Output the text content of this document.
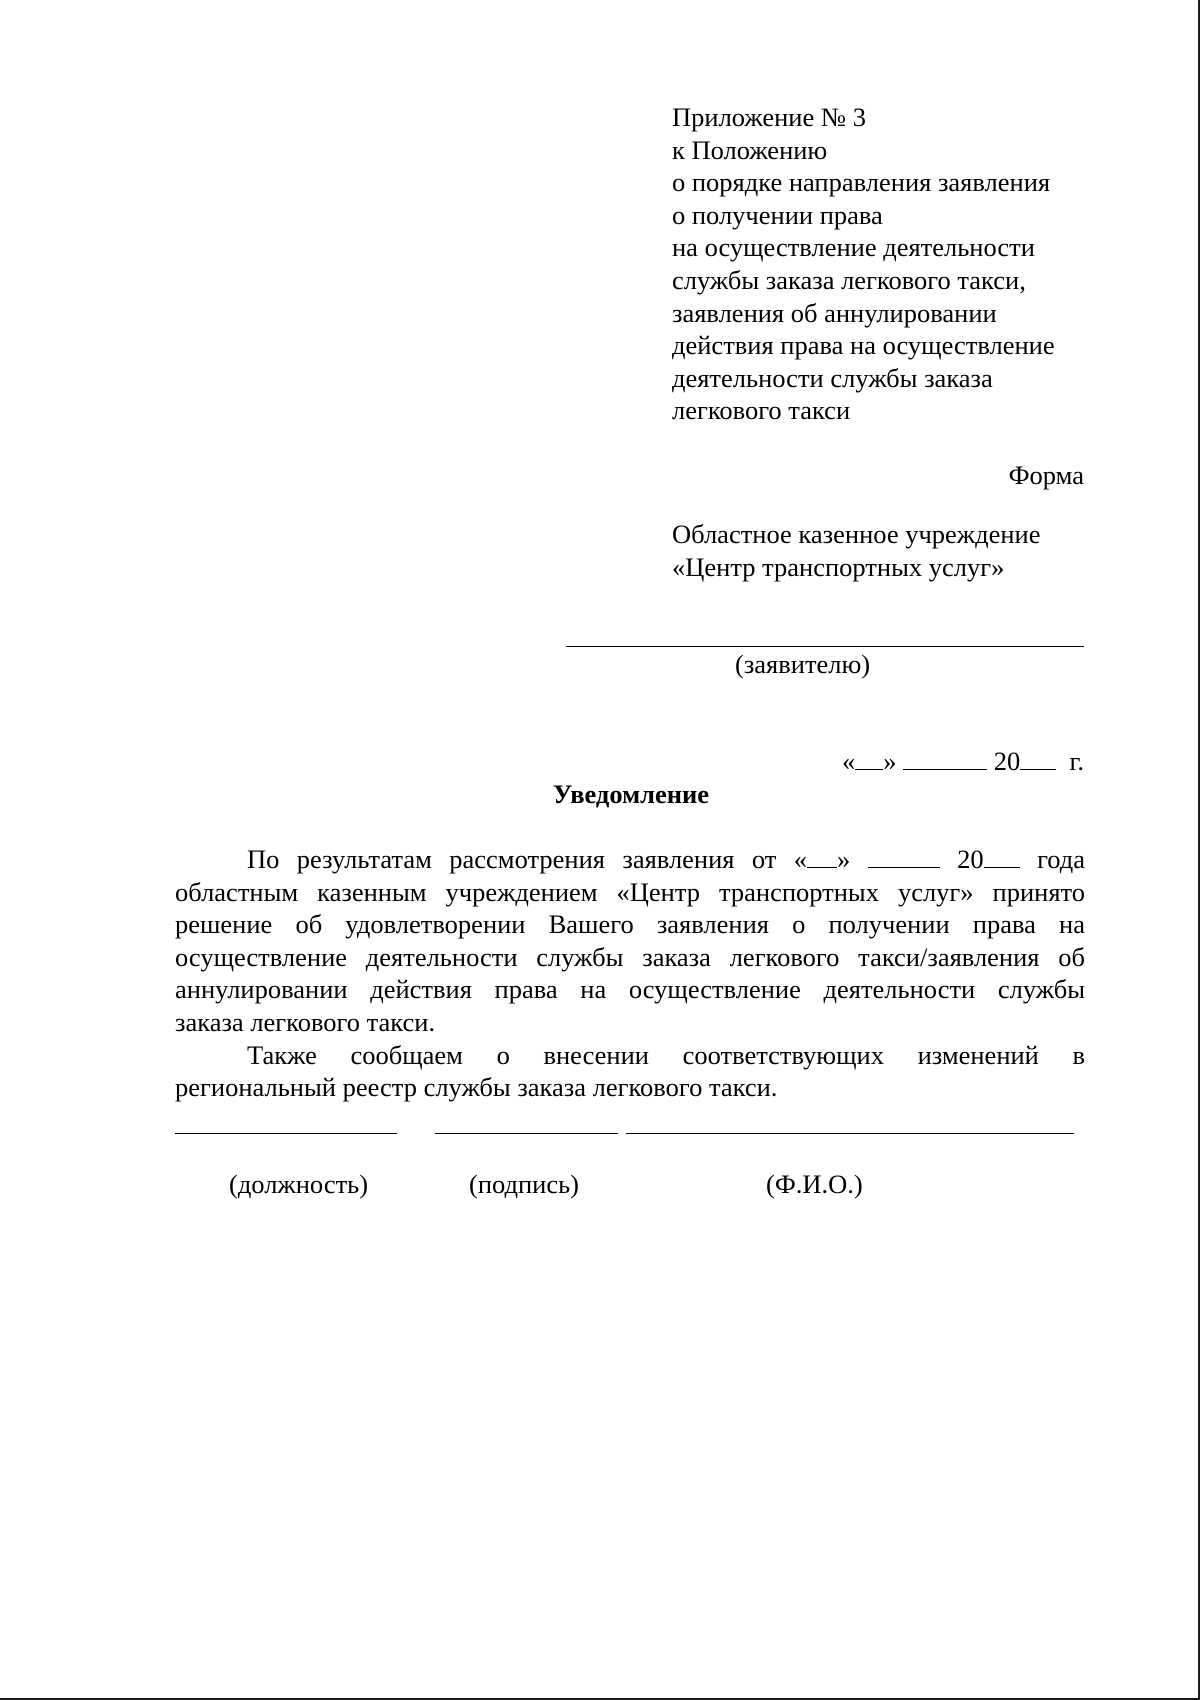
Приложение № 3
к Положению
о порядке направления заявления
о получении права
на осуществление деятельности
службы заказа легкового такси,
заявления об аннулировании
действия права на осуществление
деятельности службы заказа
легкового такси
Форма
Областное казенное учреждение
«Центр транспортных услуг»
(заявителю)
« »	20 г.
Уведомление
По результатам рассмотрения заявления от « »	20 года
областным казенным учреждением «Центр транспортных услуг» принято
решение об удовлетворении Вашего заявления о получении права на
осуществление деятельности службы заказа легкового такси/заявления об
аннулировании действия права на осуществление деятельности службы
заказа легкового такси.
Также сообщаем о внесении соответствующих изменений в
региональный реестр службы заказа легкового такси.
(должность)	(подпись)	(Ф.И.О.)
